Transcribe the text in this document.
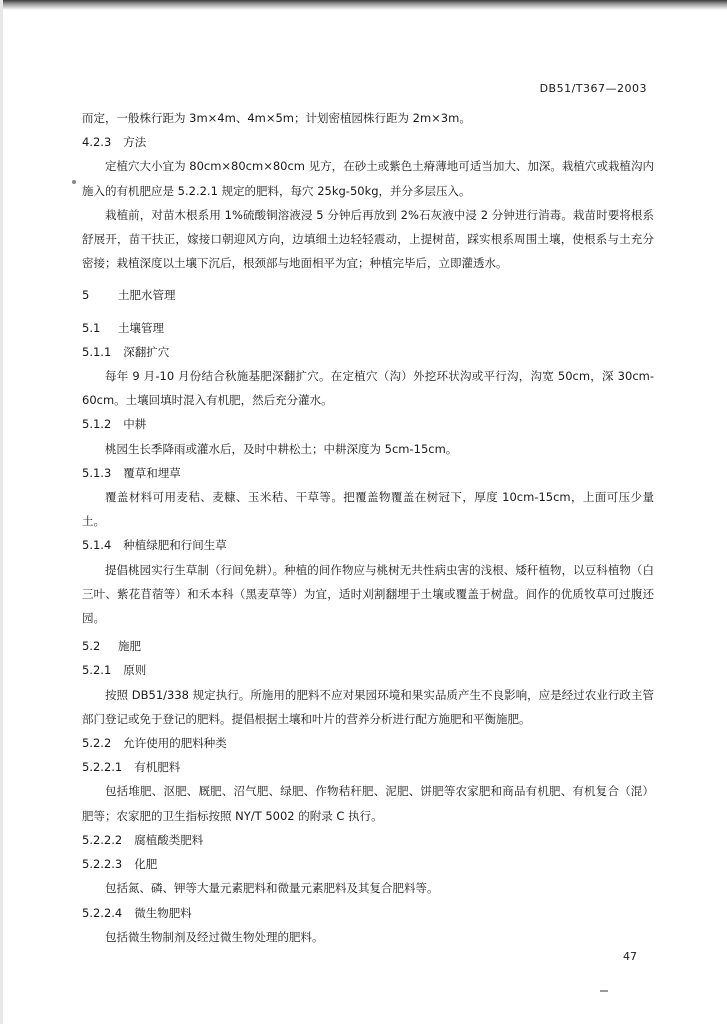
DB51/T367—2003

而定，一般株行距为 3m×4m、4m×5m；计划密植园株行距为 2m×3m。

4.2.3 方法

定植穴大小宜为 80cm×80cm×80cm 见方，在砂土或紫色土瘠薄地可适当加大、加深。栽植穴或栽植沟内施入的有机肥应是 5.2.2.1 规定的肥料，每穴 25kg-50kg，并分多层压入。

栽植前，对苗木根系用 1%硫酸铜溶液浸 5 分钟后再放到 2%石灰液中浸 2 分钟进行消毒。栽苗时要将根系舒展开，苗干扶正，嫁接口朝迎风方向，边填细土边轻轻震动，上提树苗，踩实根系周围土壤，使根系与土充分密接；栽植深度以土壤下沉后，根颈部与地面相平为宜；种植完毕后，立即灌透水。

5 土肥水管理
5.1 土壤管理
5.1.1 深翻扩穴

每年 9 月-10 月份结合秋施基肥深翻扩穴。在定植穴（沟）外挖环状沟或平行沟，沟宽 50cm，深 30cm-60cm。土壤回填时混入有机肥，然后充分灌水。

5.1.2 中耕

桃园生长季降雨或灌水后，及时中耕松土；中耕深度为 5cm-15cm。

5.1.3 覆草和埋草

覆盖材料可用麦秸、麦糠、玉米秸、干草等。把覆盖物覆盖在树冠下，厚度 10cm-15cm，上面可压少量土。

5.1.4 种植绿肥和行间生草

提倡桃园实行生草制（行间免耕）。种植的间作物应与桃树无共性病虫害的浅根、矮秆植物，以豆科植物（白三叶、紫花苜蓿等）和禾本科（黑麦草等）为宜，适时刈割翻埋于土壤或覆盖于树盘。间作的优质牧草可过腹还园。

5.2 施肥
5.2.1 原则

按照 DB51/338 规定执行。所施用的肥料不应对果园环境和果实品质产生不良影响，应是经过农业行政主管部门登记或免于登记的肥料。提倡根据土壤和叶片的营养分析进行配方施肥和平衡施肥。

5.2.2 允许使用的肥料种类
5.2.2.1 有机肥料

包括堆肥、沤肥、厩肥、沼气肥、绿肥、作物秸秆肥、泥肥、饼肥等农家肥和商品有机肥、有机复合（混）肥等；农家肥的卫生指标按照 NY/T 5002 的附录 C 执行。

5.2.2.2 腐植酸类肥料
5.2.2.3 化肥

包括氮、磷、钾等大量元素肥料和微量元素肥料及其复合肥料等。

5.2.2.4 微生物肥料

包括微生物制剂及经过微生物处理的肥料。

47
